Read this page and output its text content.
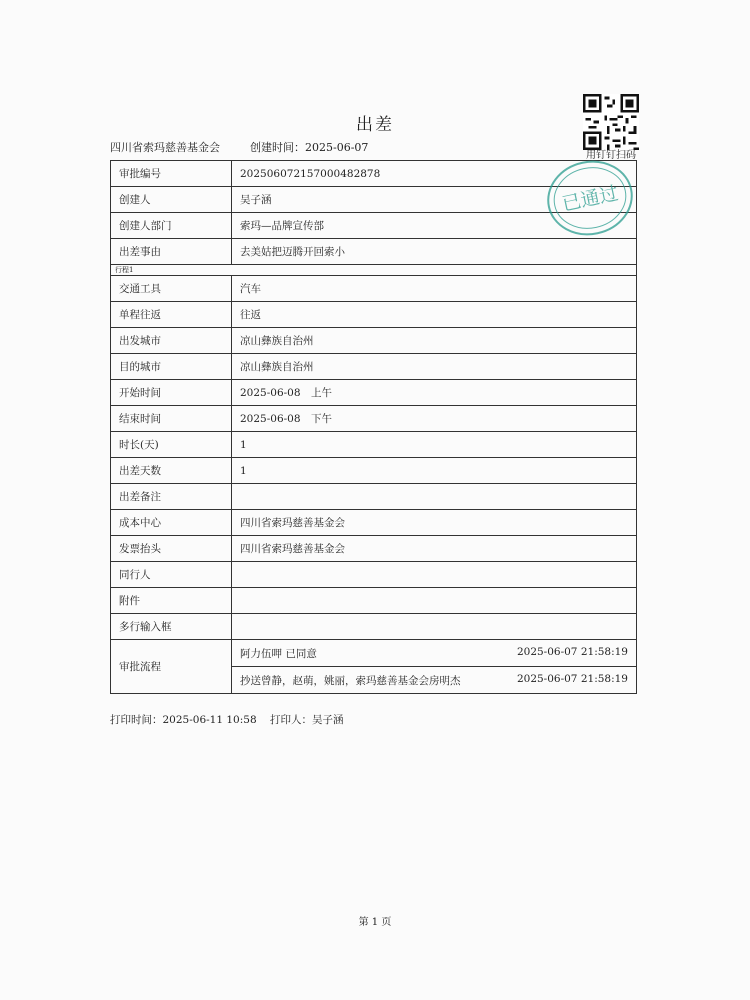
出差
四川省索玛慈善基金会	创建时间：2025-06-07
用钉钉扫码
审批编号	202506072157000482878
创建人	吴子涵
创建人部门	索玛—品牌宣传部
出差事由	去美姑把迈腾开回索小
行程1	
交通工具	汽车
单程往返	往返
出发城市	凉山彝族自治州
目的城市	凉山彝族自治州
开始时间	2025-06-08　上午
结束时间	2025-06-08　下午
时长(天)	1
出差天数	1
出差备注	
成本中心	四川省索玛慈善基金会
发票抬头	四川省索玛慈善基金会
同行人	
附件	
多行输入框	
审批流程	阿力伍呷 已同意 2025-06-07 21:58:19

	抄送曾静，赵萌，姚丽，索玛慈善基金会房明杰 2025-06-07 21:58:19
已通过
打印时间：2025-06-11 10:58 打印人：吴子涵
第 1 页
